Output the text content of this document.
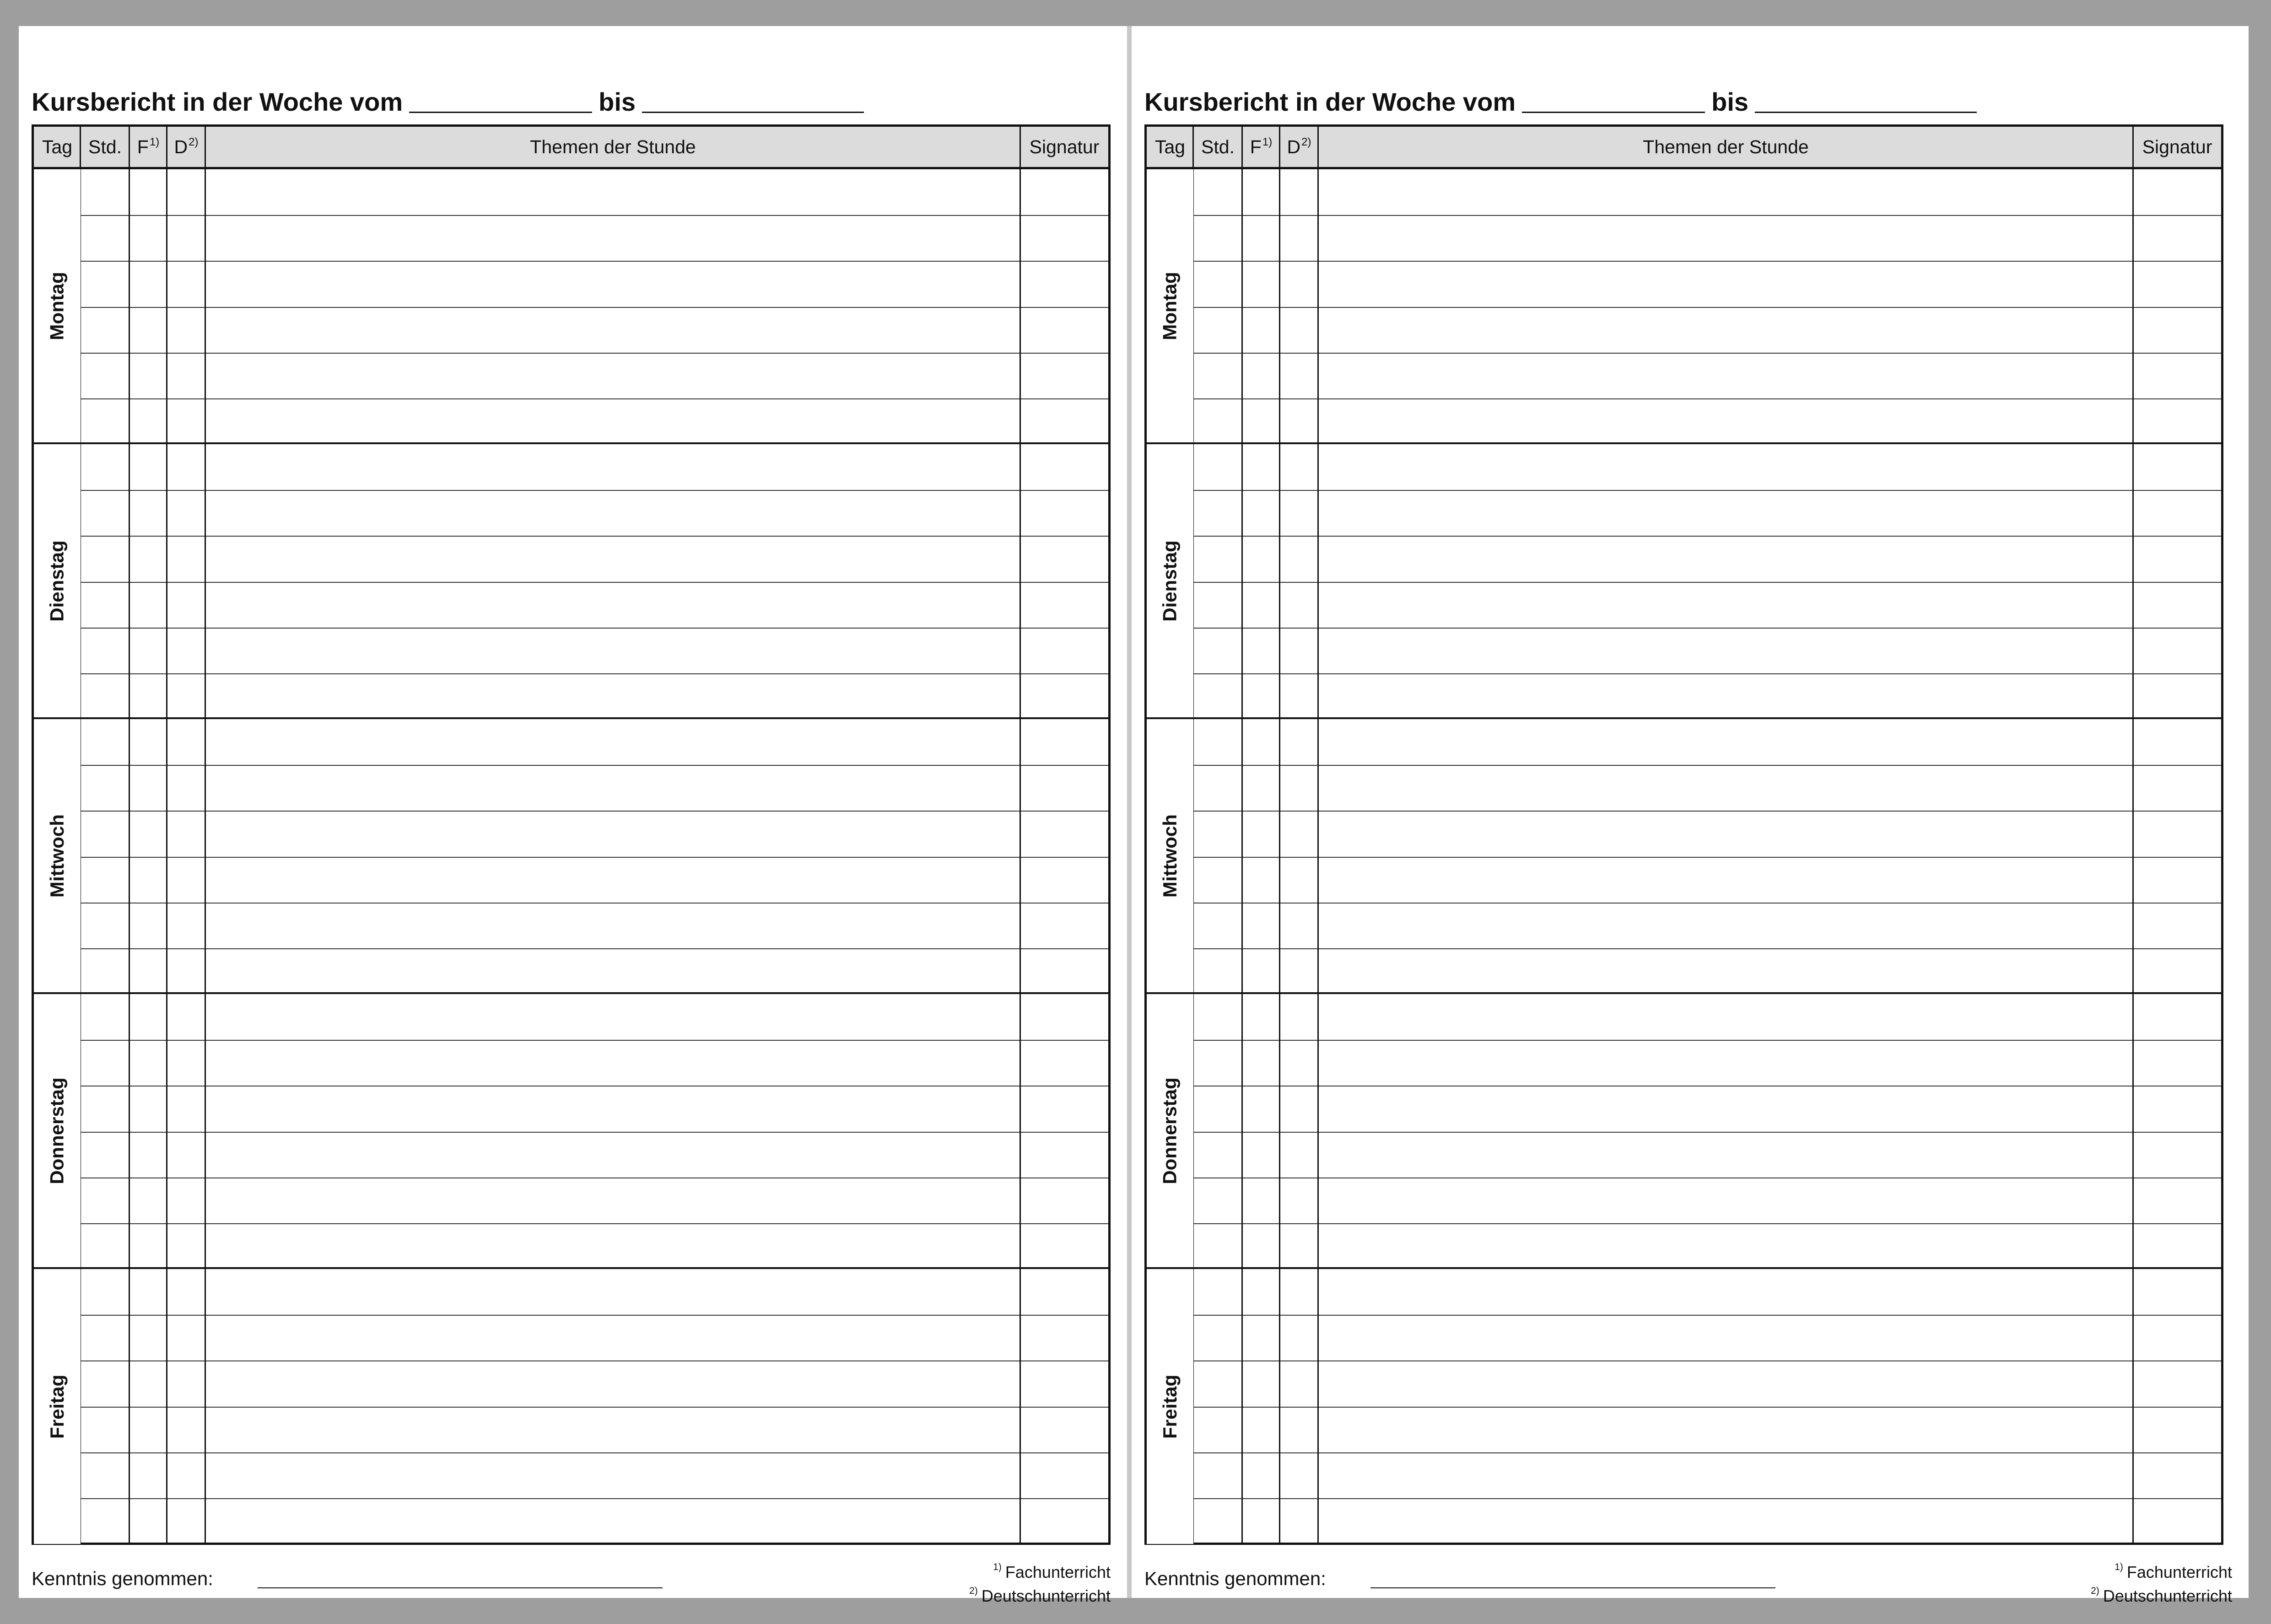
Kursbericht in der Woche vom	bis
Tag Std. $F^{1)}$ $D^{2)}$	Themen der Stunde	Signatur
Montag
Dienstag
Mittwoch
Donnerstag
Freitag
Kenntnis genommen:
$^{1)}$ Fachunterricht
$^{2)}$ Deutschunterricht
Kursbericht in der Woche vom	bis
Tag Std. $F^{1)}$ $D^{2)}$	Themen der Stunde	Signatur
Montag
Dienstag
Mittwoch
Donnerstag
Freitag
Kenntnis genommen:
$^{1)}$ Fachunterricht
$^{2)}$ Deutschunterricht
